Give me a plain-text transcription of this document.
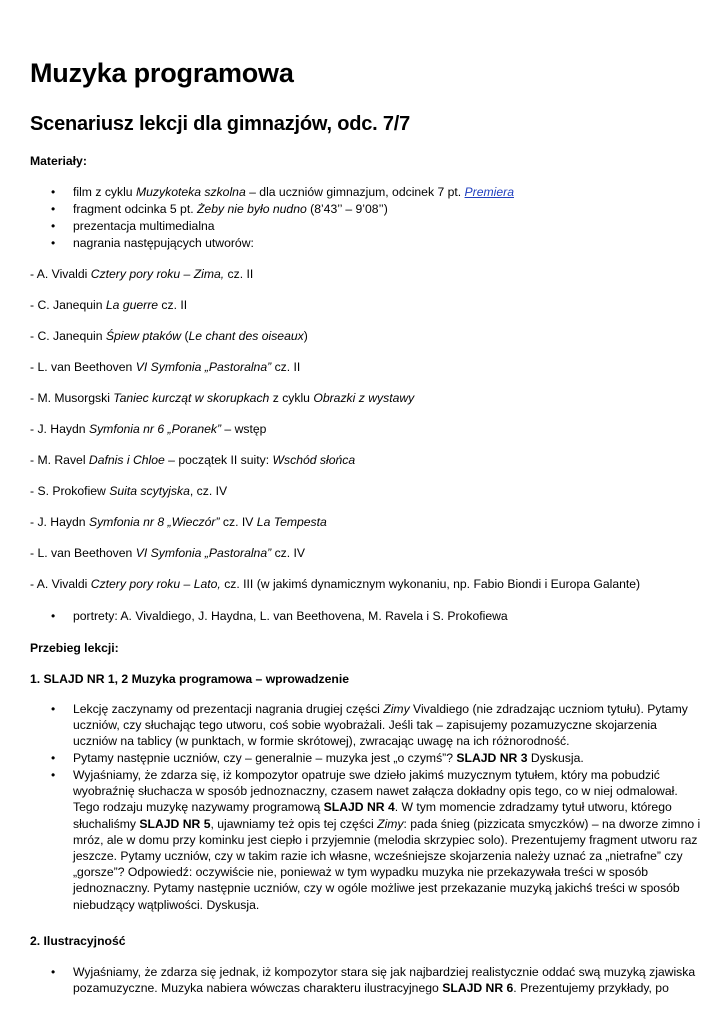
Muzyka programowa
Scenariusz lekcji dla gimnazjów, odc. 7/7
Materiały:
• film z cyklu Muzykoteka szkolna – dla uczniów gimnazjum, odcinek 7 pt. Premiera
• fragment odcinka 5 pt. Żeby nie było nudno (8’43’’ – 9’08’’)
• prezentacja multimedialna
• nagrania następujących utworów:
- A. Vivaldi Cztery pory roku – Zima, cz. II
- C. Janequin La guerre cz. II
- C. Janequin Śpiew ptaków (Le chant des oiseaux)
- L. van Beethoven VI Symfonia „Pastoralna” cz. II
- M. Musorgski Taniec kurcząt w skorupkach z cyklu Obrazki z wystawy
- J. Haydn Symfonia nr 6 „Poranek” – wstęp
- M. Ravel Dafnis i Chloe – początek II suity: Wschód słońca
- S. Prokofiew Suita scytyjska, cz. IV
- J. Haydn Symfonia nr 8 „Wieczór” cz. IV La Tempesta
- L. van Beethoven VI Symfonia „Pastoralna” cz. IV
- A. Vivaldi Cztery pory roku – Lato, cz. III (w jakimś dynamicznym wykonaniu, np. Fabio Biondi i Europa Galante)
• portrety: A. Vivaldiego, J. Haydna, L. van Beethovena, M. Ravela i S. Prokofiewa
Przebieg lekcji:
1. SLAJD NR 1, 2 Muzyka programowa – wprowadzenie
• Lekcję zaczynamy od prezentacji nagrania drugiej części Zimy Vivaldiego (nie zdradzając uczniom tytułu). Pytamy uczniów, czy słuchając tego utworu, coś sobie wyobrażali. Jeśli tak – zapisujemy pozamuzyczne skojarzenia uczniów na tablicy (w punktach, w formie skrótowej), zwracając uwagę na ich różnorodność.
• Pytamy następnie uczniów, czy – generalnie – muzyka jest „o czymś”? SLAJD NR 3 Dyskusja.
• Wyjaśniamy, że zdarza się, iż kompozytor opatruje swe dzieło jakimś muzycznym tytułem, który ma pobudzić wyobraźnię słuchacza w sposób jednoznaczny, czasem nawet załącza dokładny opis tego, co w niej odmalował. Tego rodzaju muzykę nazywamy programową SLAJD NR 4. W tym momencie zdradzamy tytuł utworu, którego słuchaliśmy SLAJD NR 5, ujawniamy też opis tej części Zimy: pada śnieg (pizzicata smyczków) – na dworze zimno i mróz, ale w domu przy kominku jest ciepło i przyjemnie (melodia skrzypiec solo). Prezentujemy fragment utworu raz jeszcze. Pytamy uczniów, czy w takim razie ich własne, wcześniejsze skojarzenia należy uznać za „nietrafne” czy „gorsze”? Odpowiedź: oczywiście nie, ponieważ w tym wypadku muzyka nie przekazywała treści w sposób jednoznaczny. Pytamy następnie uczniów, czy w ogóle możliwe jest przekazanie muzyką jakichś treści w sposób niebudzący wątpliwości. Dyskusja.
2. Ilustracyjność
• Wyjaśniamy, że zdarza się jednak, iż kompozytor stara się jak najbardziej realistycznie oddać swą muzyką zjawiska pozamuzyczne. Muzyka nabiera wówczas charakteru ilustracyjnego SLAJD NR 6. Prezentujemy przykłady, po
